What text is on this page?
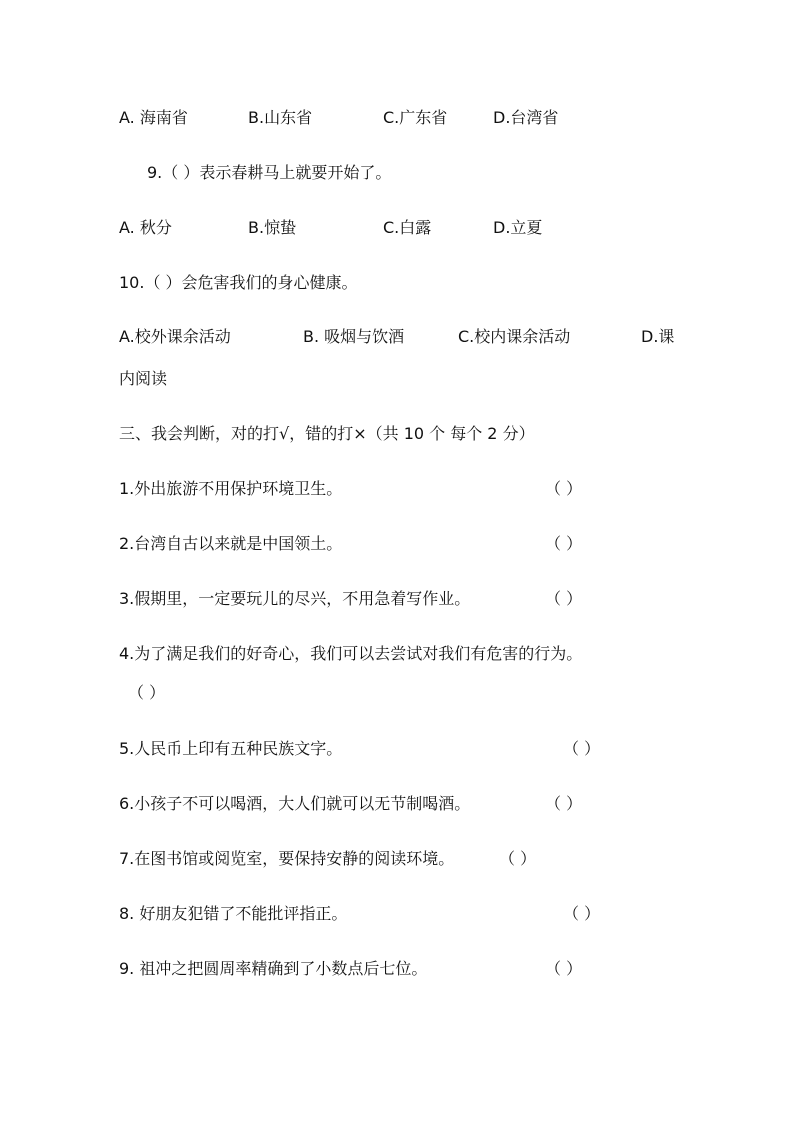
A. 海南省	B.山东省	C.广东省	D.台湾省
9.（ ）表示春耕马上就要开始了。
A. 秋分	B.惊蛰	C.白露	D.立夏
10.（ ）会危害我们的身心健康。
A.校外课余活动	B. 吸烟与饮酒	C.校内课余活动	D.课
内阅读
三、我会判断，对的打√，错的打×（共 10 个 每个 2 分）
1.外出旅游不用保护环境卫生。	（ ）
2.台湾自古以来就是中国领土。	（ ）
3.假期里，一定要玩儿的尽兴，不用急着写作业。	（ ）
4.为了满足我们的好奇心，我们可以去尝试对我们有危害的行为。
（ ）
5.人民币上印有五种民族文字。	（ ）
6.小孩子不可以喝酒，大人们就可以无节制喝酒。	（ ）
7.在图书馆或阅览室，要保持安静的阅读环境。	（ ）
8. 好朋友犯错了不能批评指正。	（ ）
9. 祖冲之把圆周率精确到了小数点后七位。	（ ）
